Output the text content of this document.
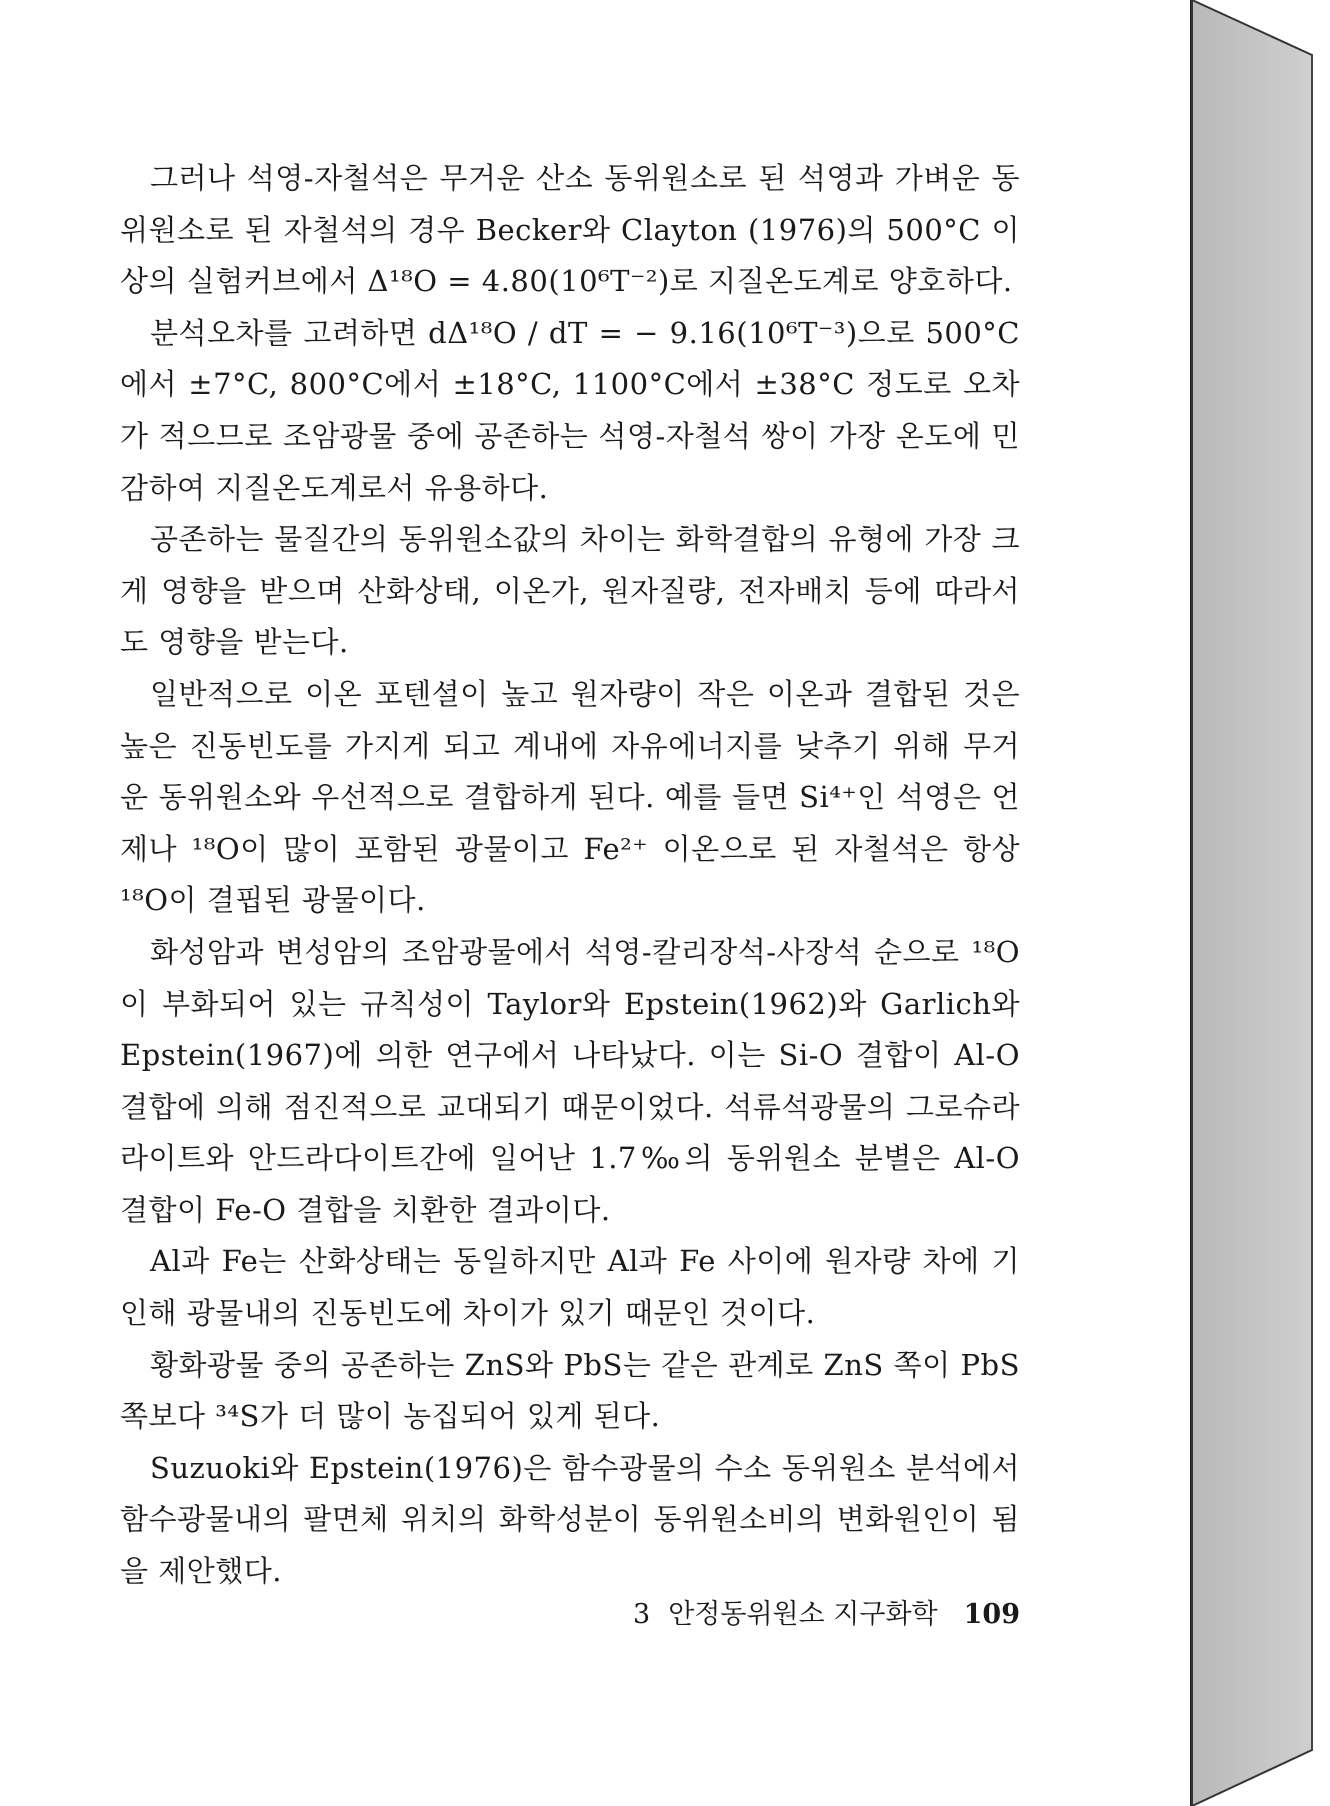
그러나 석영-자철석은 무거운 산소 동위원소로 된 석영과 가벼운 동위원소로 된 자철석의 경우 Becker와 Clayton (1976)의 500°C 이상의 실험커브에서 Δ¹⁸O = 4.80(10⁶T⁻²)로 지질온도계로 양호하다.

분석오차를 고려하면 dΔ¹⁸O / dT = − 9.16(10⁶T⁻³)으로 500°C에서 ±7°C, 800°C에서 ±18°C, 1100°C에서 ±38°C 정도로 오차가 적으므로 조암광물 중에 공존하는 석영-자철석 쌍이 가장 온도에 민감하여 지질온도계로서 유용하다.

공존하는 물질간의 동위원소값의 차이는 화학결합의 유형에 가장 크게 영향을 받으며 산화상태, 이온가, 원자질량, 전자배치 등에 따라서도 영향을 받는다.

일반적으로 이온 포텐셜이 높고 원자량이 작은 이온과 결합된 것은 높은 진동빈도를 가지게 되고 계내에 자유에너지를 낮추기 위해 무거운 동위원소와 우선적으로 결합하게 된다. 예를 들면 Si⁴⁺인 석영은 언제나 ¹⁸O이 많이 포함된 광물이고 Fe²⁺ 이온으로 된 자철석은 항상 ¹⁸O이 결핍된 광물이다.

화성암과 변성암의 조암광물에서 석영-칼리장석-사장석 순으로 ¹⁸O이 부화되어 있는 규칙성이 Taylor와 Epstein(1962)와 Garlich와 Epstein(1967)에 의한 연구에서 나타났다. 이는 Si-O 결합이 Al-O 결합에 의해 점진적으로 교대되기 때문이었다. 석류석광물의 그로슈라라이트와 안드라다이트간에 일어난 1.7‰의 동위원소 분별은 Al-O 결합이 Fe-O 결합을 치환한 결과이다.

Al과 Fe는 산화상태는 동일하지만 Al과 Fe 사이에 원자량 차에 기인해 광물내의 진동빈도에 차이가 있기 때문인 것이다.

황화광물 중의 공존하는 ZnS와 PbS는 같은 관계로 ZnS 쪽이 PbS 쪽보다 ³⁴S가 더 많이 농집되어 있게 된다.

Suzuoki와 Epstein(1976)은 함수광물의 수소 동위원소 분석에서 함수광물내의 팔면체 위치의 화학성분이 동위원소비의 변화원인이 됨을 제안했다.

3 안정동위원소 지구화학 109
